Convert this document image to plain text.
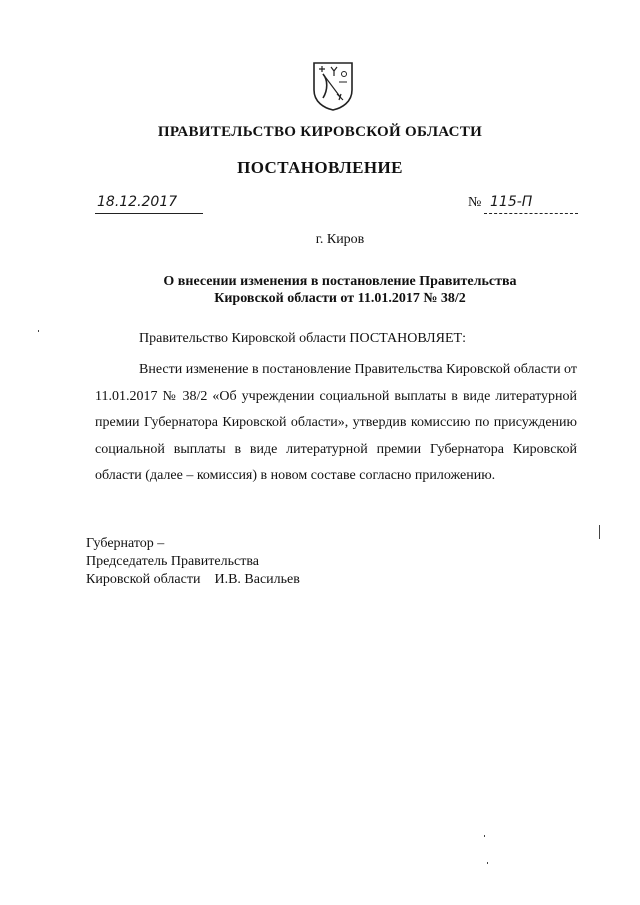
ПРАВИТЕЛЬСТВО КИРОВСКОЙ ОБЛАСТИ
ПОСТАНОВЛЕНИЕ
18.12.2017	№ 115-П
г. Киров
О внесении изменения в постановление Правительства
Кировской области от 11.01.2017 № 38/2
Правительство Кировской области ПОСТАНОВЛЯЕТ:

Внести изменение в постановление Правительства Кировской области от 11.01.2017 № 38/2 «Об учреждении социальной выплаты в виде литературной премии Губернатора Кировской области», утвердив комиссию по присуждению социальной выплаты в виде литературной премии Губернатора Кировской области (далее – комиссия) в новом составе согласно приложению.

Губернатор –
Председатель Правительства
Кировской области И.В. Васильев
